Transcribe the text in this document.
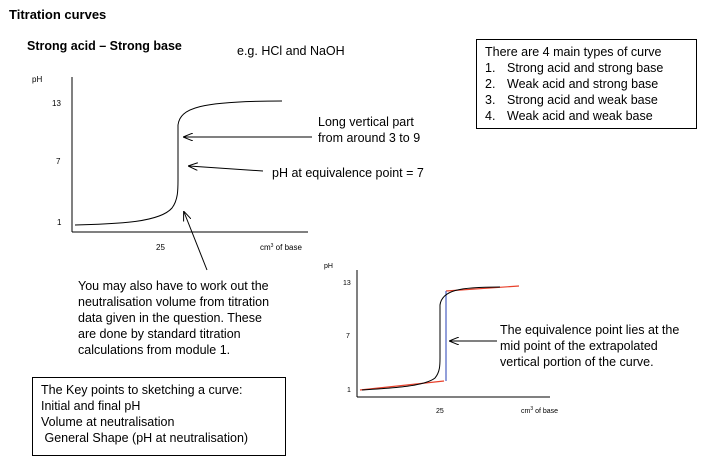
Titration curves
Strong acid – Strong base	e.g. HCl and NaOH	There are 4 main types of curve
1. Strong acid and strong base
2. Weak acid and strong base
3. Strong acid and weak base
4. Weak acid and weak base
pH
13
7
1
25	$cm^3$ of base
pH
13
7
1
25	$cm^3$ of base
Long vertical part
from around 3 to 9
pH at equivalence point = 7
You may also have to work out the
neutralisation volume from titration
data given in the question. These
are done by standard titration
calculations from module 1.
The equivalence point lies at the
mid point of the extrapolated
vertical portion of the curve.
The Key points to sketching a curve:
Initial and final pH
Volume at neutralisation
General Shape (pH at neutralisation)
